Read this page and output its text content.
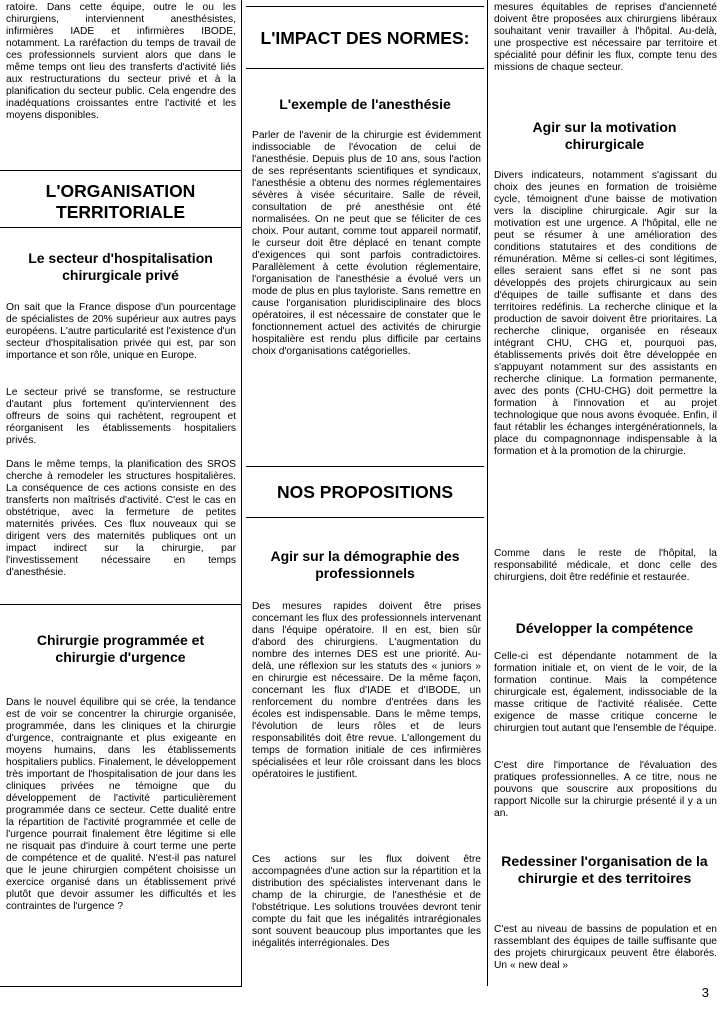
ratoire. Dans cette équipe, outre le ou les chirurgiens, interviennent anesthésistes, infirmières IADE et infirmières IBODE, notamment. La raréfaction du temps de travail de ces professionnels survient alors que dans le même temps ont lieu des transferts d'activité liés aux restructurations du secteur privé et à la planification du secteur public. Cela engendre des inadéquations croissantes entre l'activité et les moyens disponibles.

L'ORGANISATION TERRITORIALE

Le secteur d'hospitalisation chirurgicale privé

On sait que la France dispose d'un pourcentage de spécialistes de 20% supérieur aux autres pays européens. L'autre particularité est l'existence d'un secteur d'hospitalisation privée qui est, par son importance et son rôle, unique en Europe.

Le secteur privé se transforme, se restructure d'autant plus fortement qu'interviennent des offreurs de soins qui rachètent, regroupent et réorganisent les établissements hospitaliers privés.

Dans le même temps, la planification des SROS cherche à remodeler les structures hospitalières. La conséquence de ces actions consiste en des transferts non maîtrisés d'activité. C'est le cas en obstétrique, avec la fermeture de petites maternités privées. Ces flux nouveaux qui se dirigent vers des maternités publiques ont un impact indirect sur la chirurgie, par l'investissement nécessaire en temps d'anesthésie.

Chirurgie programmée et chirurgie d'urgence

Dans le nouvel équilibre qui se crée, la tendance est de voir se concentrer la chirurgie organisée, programmée, dans les cliniques et la chirurgie d'urgence, contraignante et plus exigeante en moyens humains, dans les établissements hospitaliers publics. Finalement, le développement très important de l'hospitalisation de jour dans les cliniques privées ne témoigne que du développement de l'activité particulièrement programmée dans ce secteur. Cette dualité entre la répartition de l'activité programmée et celle de l'urgence pourrait finalement être légitime si elle ne risquait pas d'induire à court terme une perte de compétence et de qualité. N'est-il pas naturel que le jeune chirurgien compétent choisisse un exercice organisé dans un établissement privé plutôt que devoir assumer les difficultés et les contraintes de l'urgence ?

L'IMPACT DES NORMES:

L'exemple de l'anesthésie

Parler de l'avenir de la chirurgie est évidemment indissociable de l'évocation de celui de l'anesthésie. Depuis plus de 10 ans, sous l'action de ses représentants scientifiques et syndicaux, l'anesthésie a obtenu des normes réglementaires sévères à visée sécuritaire. Salle de réveil, consultation de pré anesthésie ont été normalisées. On ne peut que se féliciter de ces choix. Pour autant, comme tout appareil normatif, le curseur doit être déplacé en tenant compte d'exigences qui sont parfois contradictoires. Parallèlement à cette évolution réglementaire, l'organisation de l'anesthésie a évolué vers un mode de plus en plus tayloriste. Sans remettre en cause l'organisation pluridisciplinaire des blocs opératoires, il est nécessaire de constater que le fonctionnement actuel des activités de chirurgie hospitalière est rendu plus difficile par certains choix d'organisations catégorielles.

NOS PROPOSITIONS

Agir sur la démographie des professionnels

Des mesures rapides doivent être prises concernant les flux des professionnels intervenant dans l'équipe opératoire. Il en est, bien sûr d'abord des chirurgiens. L'augmentation du nombre des internes DES est une priorité. Au-delà, une réflexion sur les statuts des « juniors » en chirurgie est nécessaire. De la même façon, concernant les flux d'IADE et d'IBODE, un renforcement du nombre d'entrées dans les écoles est indispensable. Dans le même temps, l'évolution de leurs rôles et de leurs responsabilités doit être revue. L'allongement du temps de formation initiale de ces infirmières spécialisées et leur rôle croissant dans les blocs opératoires le justifient.

Ces actions sur les flux doivent être accompagnées d'une action sur la répartition et la distribution des spécialistes intervenant dans le champ de la chirurgie, de l'anesthésie et de l'obstétrique. Les solutions trouvées devront tenir compte du fait que les inégalités intrarégionales sont souvent beaucoup plus importantes que les inégalités interrégionales. Des

mesures équitables de reprises d'ancienneté doivent être proposées aux chirurgiens libéraux souhaitant venir travailler à l'hôpital. Au-delà, une prospective est nécessaire par territoire et spécialité pour définir les flux, compte tenu des missions de chaque secteur.

Agir sur la motivation chirurgicale

Divers indicateurs, notamment s'agissant du choix des jeunes en formation de troisième cycle, témoignent d'une baisse de motivation vers la discipline chirurgicale. Agir sur la motivation est une urgence. A l'hôpital, elle ne peut se résumer à une amélioration des conditions statutaires et des conditions de rémunération. Même si celles-ci sont légitimes, elles seraient sans effet si ne sont pas développés des projets chirurgicaux au sein d'équipes de taille suffisante et dans des territoires redéfinis. La recherche clinique et la production de savoir doivent être prioritaires. La recherche clinique, organisée en réseaux intégrant CHU, CHG et, pourquoi pas, établissements privés doit être développée en s'appuyant notamment sur des assistants en recherche clinique. La formation permanente, avec des ponts (CHU-CHG) doit permettre la formation à l'innovation et au projet technologique que nous avons évoquée. Enfin, il faut rétablir les échanges intergénérationnels, la place du compagnonnage indispensable à la formation et à la promotion de la chirurgie.

Comme dans le reste de l'hôpital, la responsabilité médicale, et donc celle des chirurgiens, doit être redéfinie et restaurée.

Développer la compétence

Celle-ci est dépendante notamment de la formation initiale et, on vient de le voir, de la formation continue. Mais la compétence chirurgicale est, également, indissociable de la masse critique de l'activité réalisée. Cette exigence de masse critique concerne le chirurgien tout autant que l'ensemble de l'équipe.

C'est dire l'importance de l'évaluation des pratiques professionnelles. A ce titre, nous ne pouvons que souscrire aux propositions du rapport Nicolle sur la chirurgie présenté il y a un an.

Redessiner l'organisation de la chirurgie et des territoires

C'est au niveau de bassins de population et en rassemblant des équipes de taille suffisante que des projets chirurgicaux peuvent être élaborés. Un « new deal »

3
